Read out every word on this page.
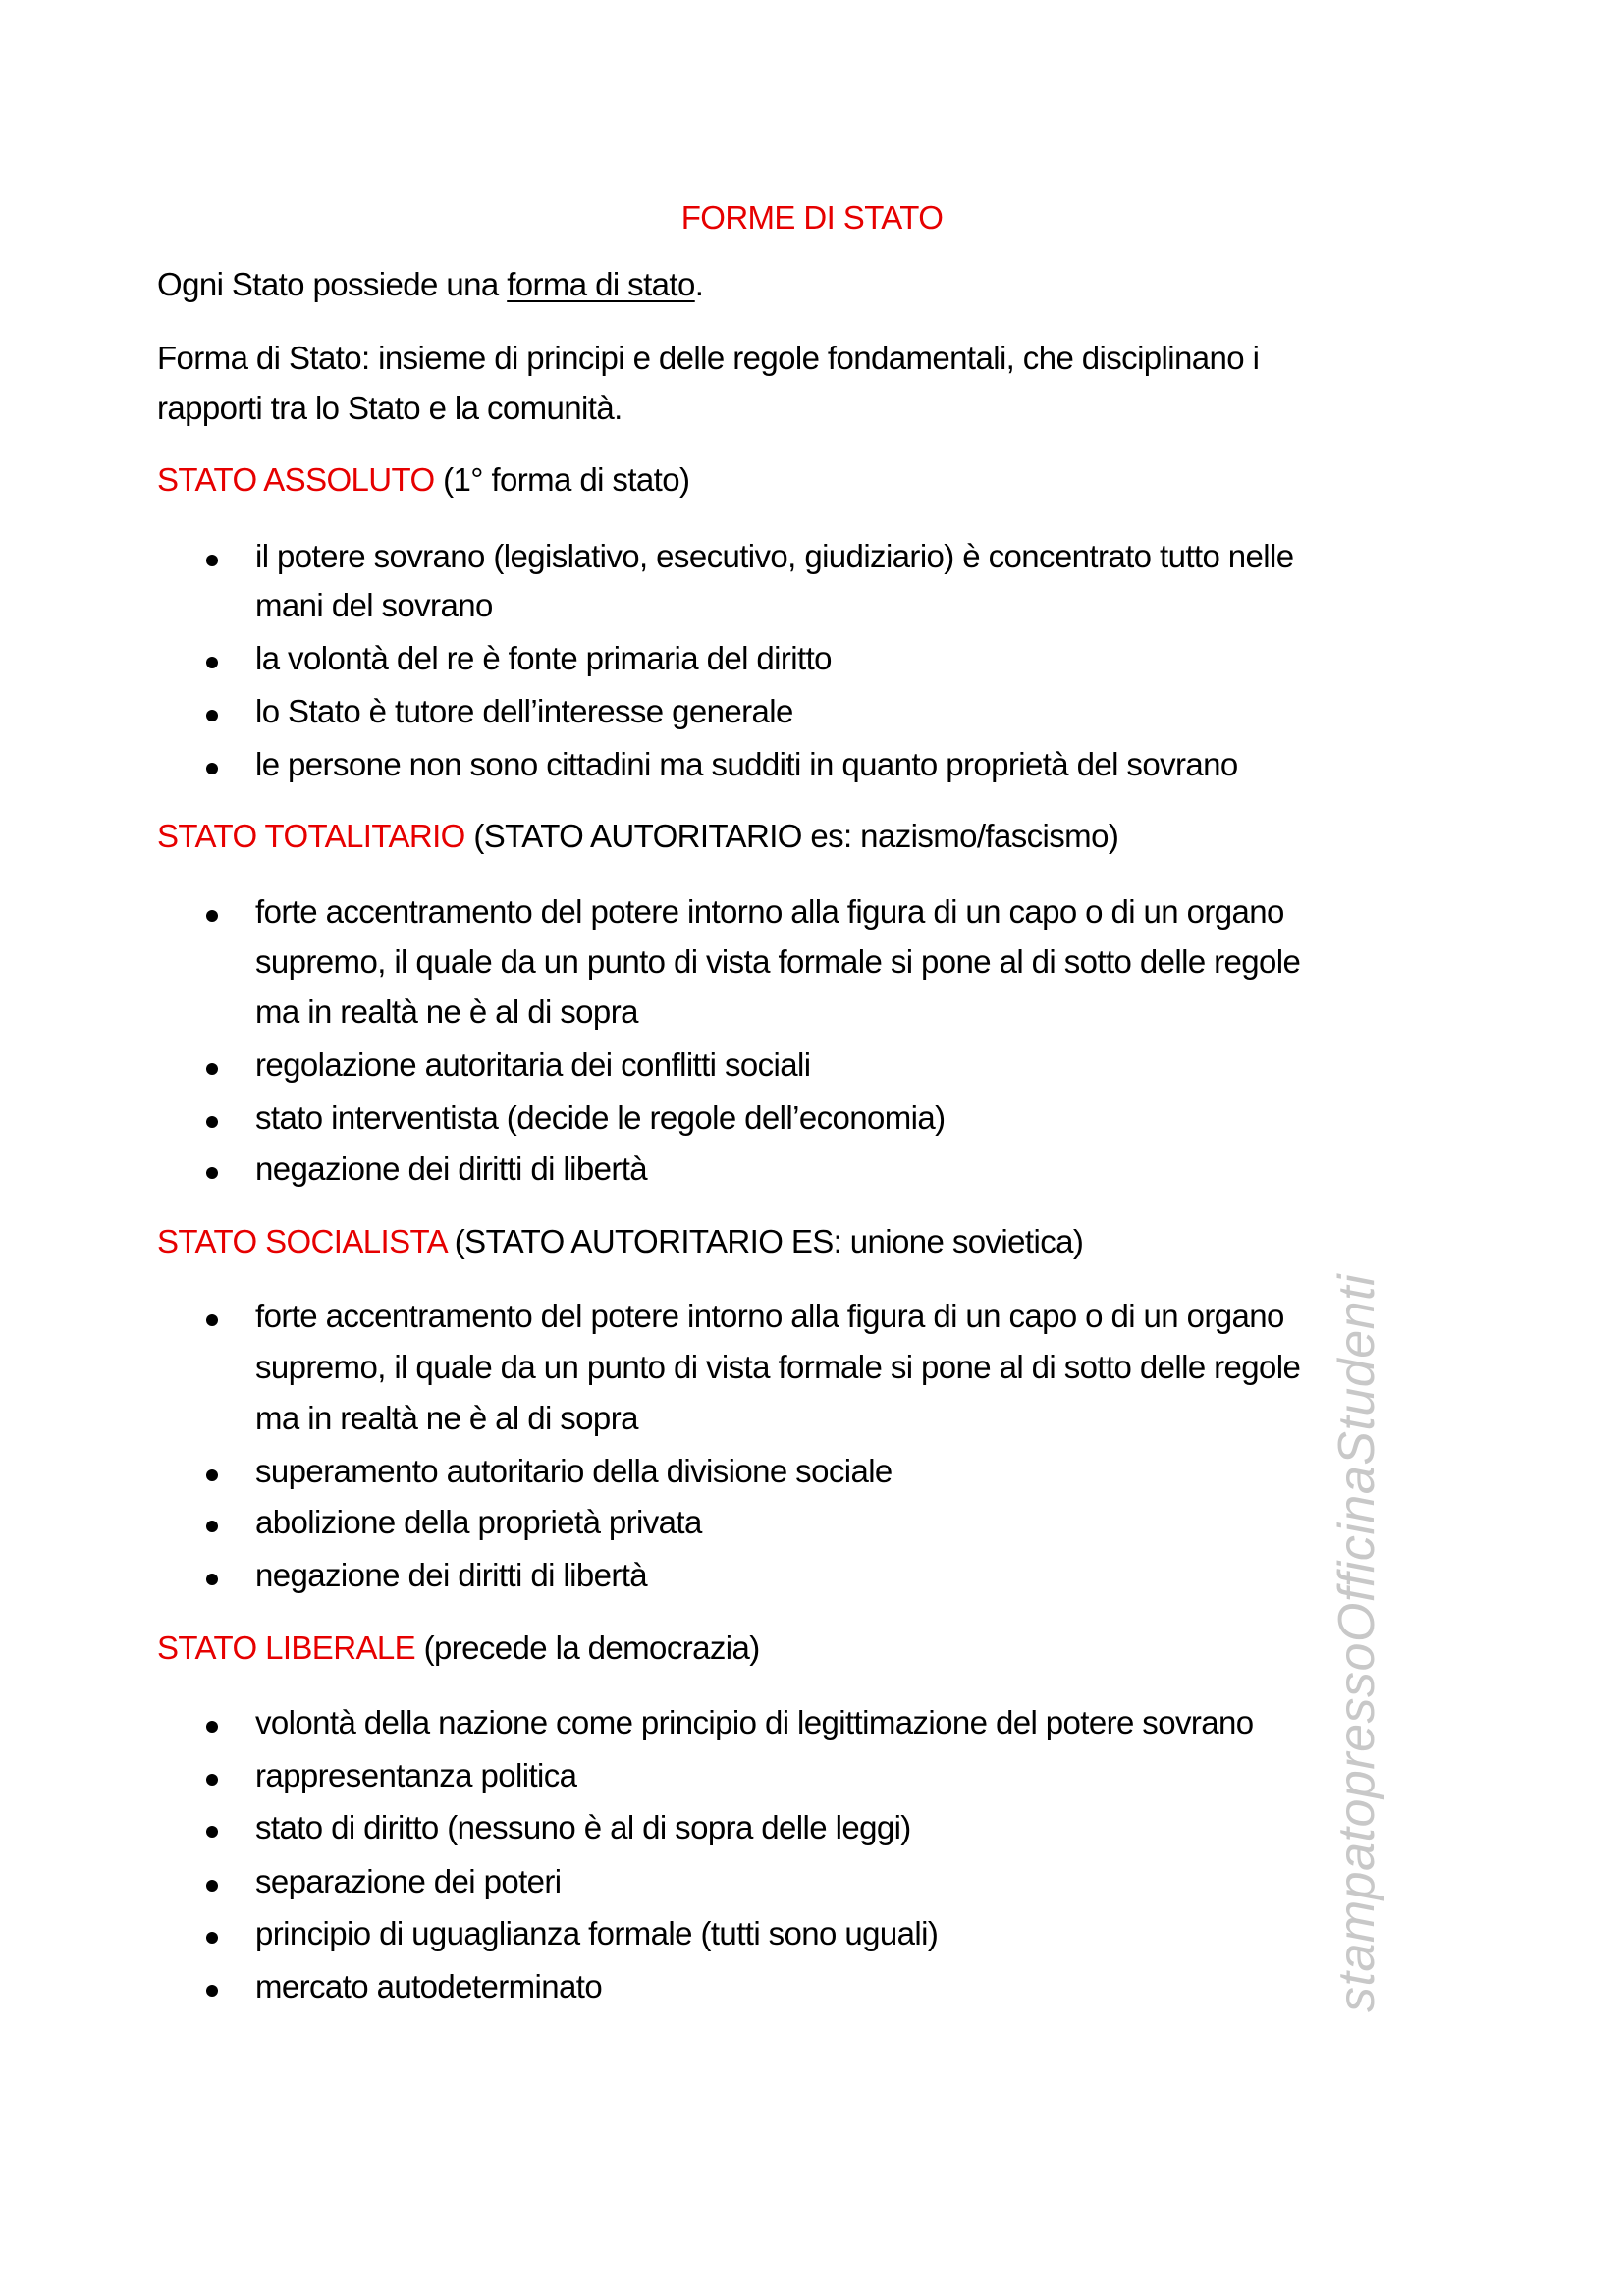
FORME DI STATO
Ogni Stato possiede una forma di stato.
Forma di Stato: insieme di principi e delle regole fondamentali, che disciplinano i
rapporti tra lo Stato e la comunità.
STATO ASSOLUTO (1° forma di stato)
il potere sovrano (legislativo, esecutivo, giudiziario) è concentrato tutto nelle
mani del sovrano
la volontà del re è fonte primaria del diritto
lo Stato è tutore dell’interesse generale
le persone non sono cittadini ma sudditi in quanto proprietà del sovrano
STATO TOTALITARIO (STATO AUTORITARIO es: nazismo/fascismo)
forte accentramento del potere intorno alla figura di un capo o di un organo
supremo, il quale da un punto di vista formale si pone al di sotto delle regole
ma in realtà ne è al di sopra
regolazione autoritaria dei conflitti sociali
stato interventista (decide le regole dell’economia)
negazione dei diritti di libertà
STATO SOCIALISTA (STATO AUTORITARIO ES: unione sovietica)
forte accentramento del potere intorno alla figura di un capo o di un organo
supremo, il quale da un punto di vista formale si pone al di sotto delle regole
ma in realtà ne è al di sopra
superamento autoritario della divisione sociale
abolizione della proprietà privata
negazione dei diritti di libertà
STATO LIBERALE (precede la democrazia)
volontà della nazione come principio di legittimazione del potere sovrano
rappresentanza politica
stato di diritto (nessuno è al di sopra delle leggi)
separazione dei poteri
principio di uguaglianza formale (tutti sono uguali)
mercato autodeterminato	stampatopressoOfficinaStudenti
